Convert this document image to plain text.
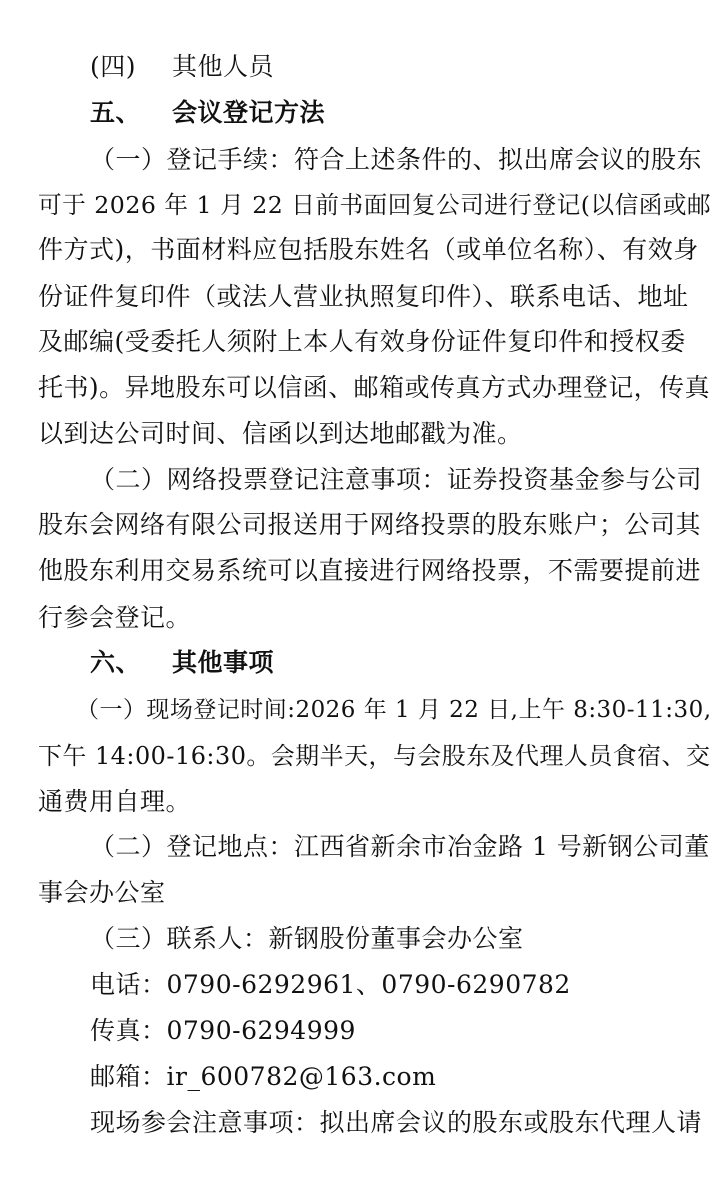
(四) 其他人员
五、 会议登记方法
（一）登记手续：符合上述条件的、拟出席会议的股东
可于 2026 年 1 月 22 日前书面回复公司进行登记(以信函或邮
件方式)，书面材料应包括股东姓名（或单位名称）、有效身
份证件复印件（或法人营业执照复印件）、联系电话、地址
及邮编(受委托人须附上本人有效身份证件复印件和授权委
托书)。异地股东可以信函、邮箱或传真方式办理登记，传真
以到达公司时间、信函以到达地邮戳为准。
（二）网络投票登记注意事项：证券投资基金参与公司
股东会网络有限公司报送用于网络投票的股东账户；公司其
他股东利用交易系统可以直接进行网络投票，不需要提前进
行参会登记。
六、 其他事项
（一）现场登记时间:2026 年 1 月 22 日,上午 8:30-11:30,
下午 14:00-16:30。会期半天，与会股东及代理人员食宿、交
通费用自理。
（二）登记地点：江西省新余市冶金路 1 号新钢公司董
事会办公室
（三）联系人：新钢股份董事会办公室
电话：0790-6292961、0790-6290782
传真：0790-6294999
邮箱：ir_600782@163.com
现场参会注意事项：拟出席会议的股东或股东代理人请
